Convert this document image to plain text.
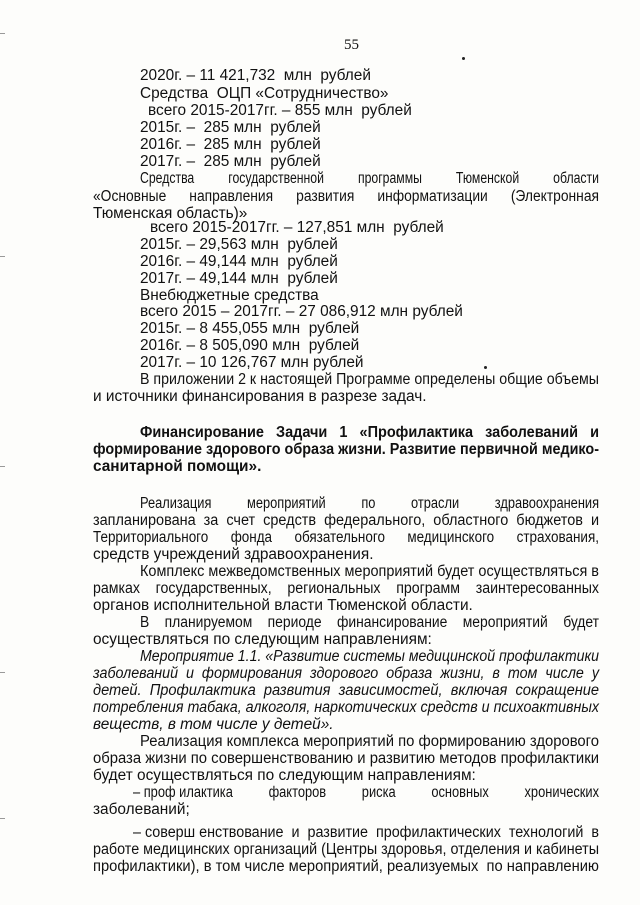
55
2020г. – 11 421,732  млн  рублей
Средства  ОЦП «Сотрудничество»
всего 2015-2017гг. – 855 млн  рублей
2015г. –  285 млн  рублей
2016г. –  285 млн  рублей
2017г. –  285 млн  рублей
Средства          государственной          программы          Тюменской          области
«Основные      направления      развития      информатизации      (Электронная
Тюменская область)»
всего 2015-2017гг. – 127,851 млн  рублей
2015г. – 29,563 млн  рублей
2016г. – 49,144 млн  рублей
2017г. – 49,144 млн  рублей
Внебюджетные средства
всего 2015 – 2017гг. – 27 086,912 млн рублей
2015г. – 8 455,055 млн  рублей
2016г. – 8 505,090 млн  рублей
2017г. – 10 126,767 млн рублей
В приложении 2 к настоящей Программе определены общие объемы
и источники финансирования в разрезе задач.
Финансирование   Задачи   1   «Профилактика   заболеваний   и
формирование здорового образа жизни. Развитие первичной медико-
санитарной помощи».
Реализация          мероприятий          по          отрасли          здравоохранения
запланирована  за  счет  средств  федерального,  областного  бюджетов  и
Территориального      фонда      обязательного      медицинского      страхования,
средств учреждений здравоохранения.
Комплекс межведомственных мероприятий будет осуществляться в
рамках    государственных,    региональных    программ    заинтересованных
органов исполнительной власти Тюменской области.
В    планируемом    периоде    финансирование    мероприятий    будет
осуществляться по следующим направлениям:
Мероприятие 1.1. «Развитие системы медицинской профилактики
заболеваний  и  формирования  здорового  образа  жизни,  в  том  числе  у
детей.  Профилактика  развития  зависимостей,  включая  сокращение
потребления табака, алкоголя, наркотических средств и психоактивных
веществ, в том числе у детей».
Реализация комплекса мероприятий по формированию здорового
образа жизни по совершенствованию и развитию методов профилактики
будет осуществляться по следующим направлениям:
– проф илактика          факторов          риска          основных          хронических
заболеваний;
– соверш енствование  и  развитие  профилактических  технологий  в
работе медицинских организаций (Центры здоровья, отделения и кабинеты
профилактики), в том числе мероприятий, реализуемых  по направлению
